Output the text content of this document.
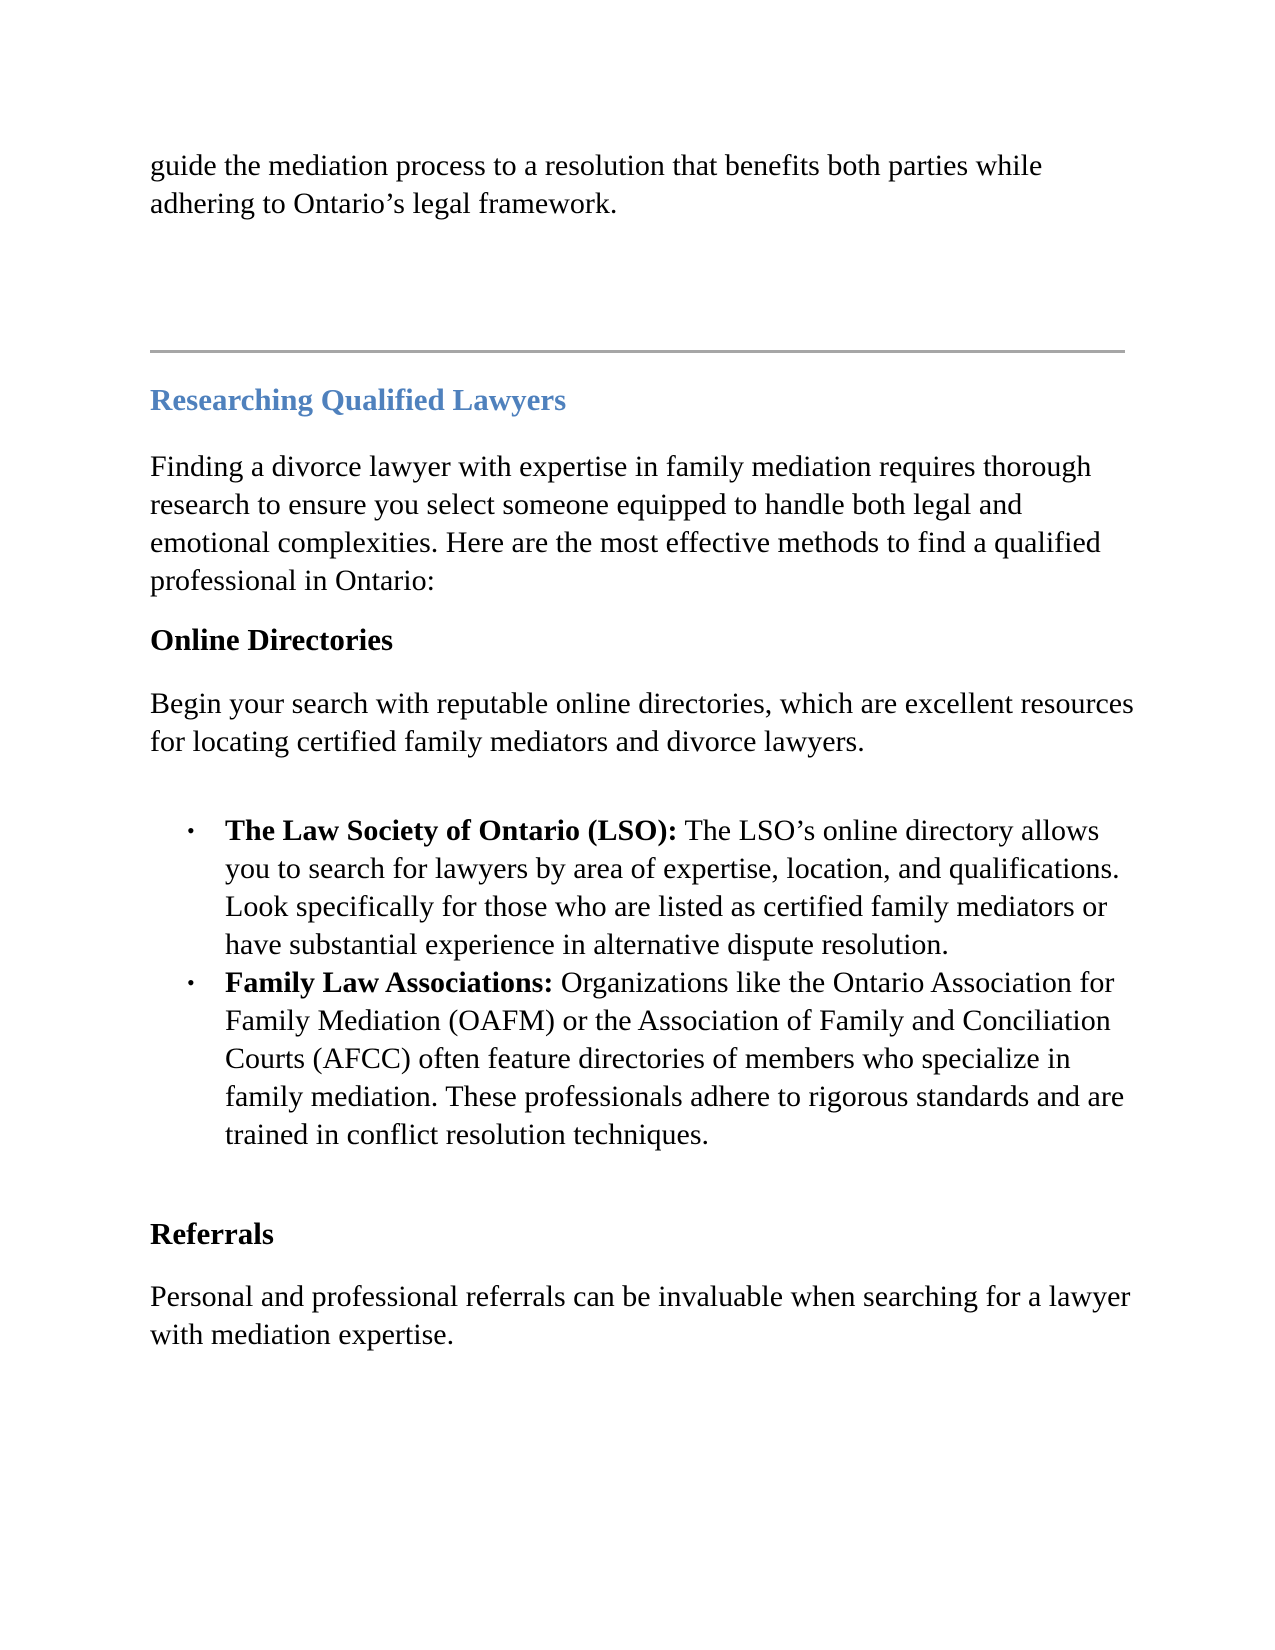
guide the mediation process to a resolution that benefits both parties while adhering to Ontario’s legal framework.

Researching Qualified Lawyers

Finding a divorce lawyer with expertise in family mediation requires thorough research to ensure you select someone equipped to handle both legal and emotional complexities. Here are the most effective methods to find a qualified professional in Ontario:

Online Directories

Begin your search with reputable online directories, which are excellent resources for locating certified family mediators and divorce lawyers.

• The Law Society of Ontario (LSO): The LSO’s online directory allows you to search for lawyers by area of expertise, location, and qualifications. Look specifically for those who are listed as certified family mediators or have substantial experience in alternative dispute resolution.
• Family Law Associations: Organizations like the Ontario Association for Family Mediation (OAFM) or the Association of Family and Conciliation Courts (AFCC) often feature directories of members who specialize in family mediation. These professionals adhere to rigorous standards and are trained in conflict resolution techniques.
Referrals

Personal and professional referrals can be invaluable when searching for a lawyer with mediation expertise.
